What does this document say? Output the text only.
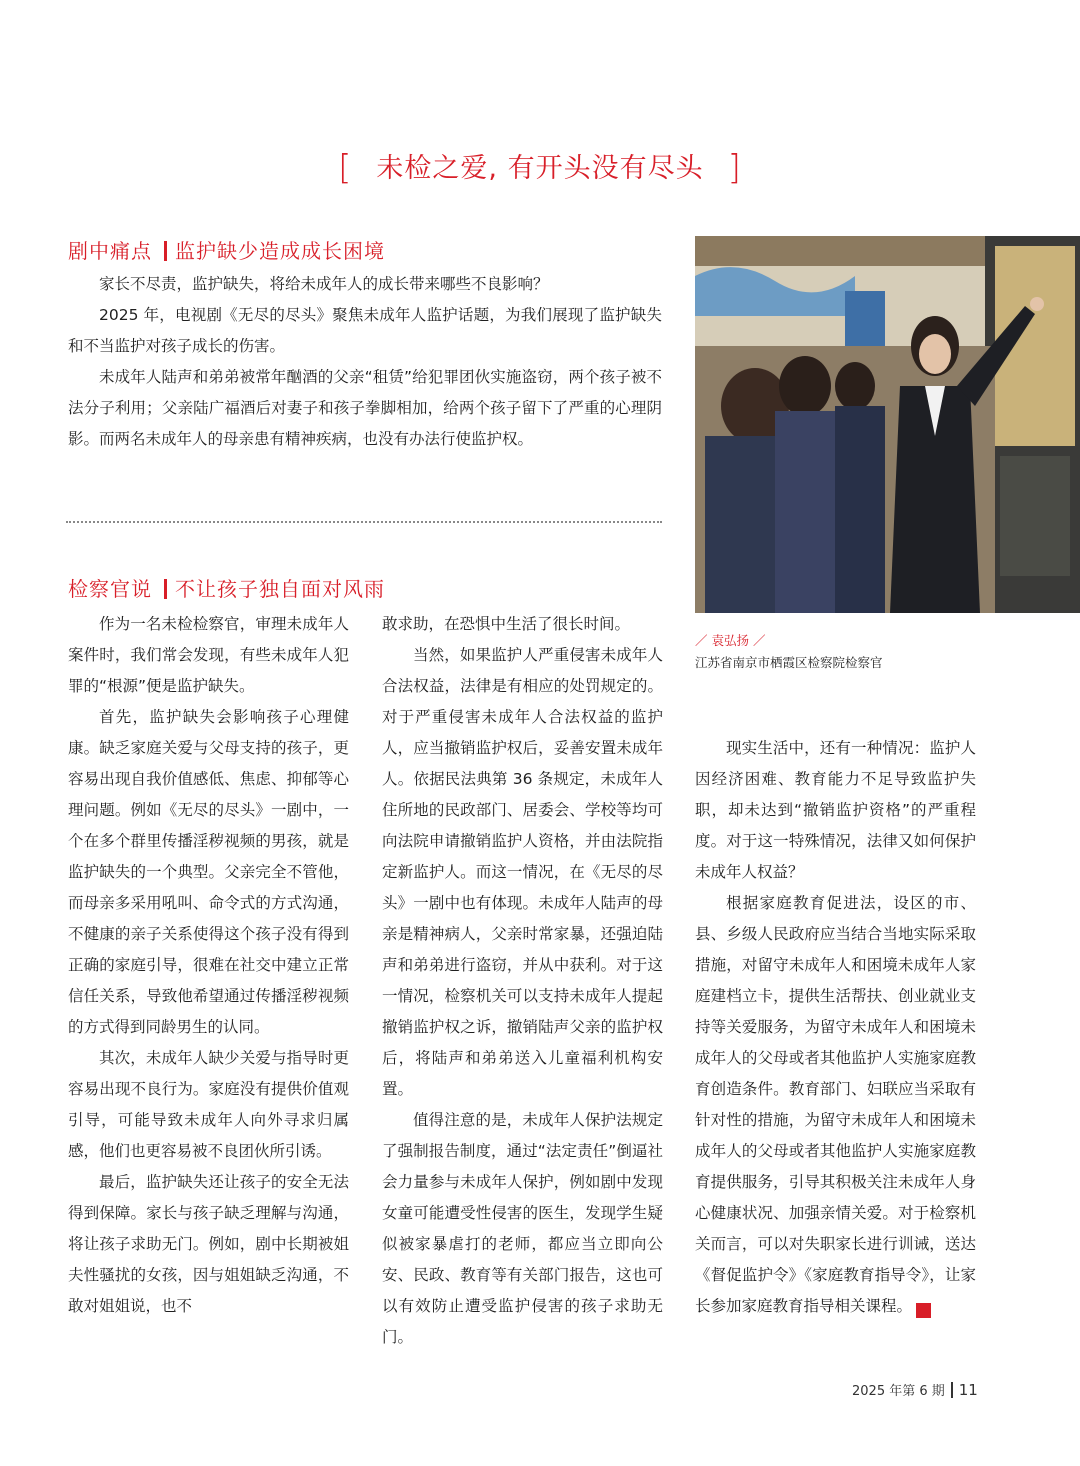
[ 未检之爱, 有开头没有尽头 ]
剧中痛点 监护缺少造成成长困境

家长不尽责，监护缺失，将给未成年人的成长带来哪些不良影响？

2025 年，电视剧《无尽的尽头》聚焦未成年人监护话题，为我们展现了监护缺失和不当监护对孩子成长的伤害。

未成年人陆声和弟弟被常年酗酒的父亲“租赁”给犯罪团伙实施盗窃，两个孩子被不法分子利用；父亲陆广福酒后对妻子和孩子拳脚相加，给两个孩子留下了严重的心理阴影。而两名未成年人的母亲患有精神疾病，也没有办法行使监护权。

／ 袁弘扬 ／
江苏省南京市栖霞区检察院检察官
检察官说 不让孩子独自面对风雨

作为一名未检检察官，审理未成年人案件时，我们常会发现，有些未成年人犯罪的“根源”便是监护缺失。

首先，监护缺失会影响孩子心理健康。缺乏家庭关爱与父母支持的孩子，更容易出现自我价值感低、焦虑、抑郁等心理问题。例如《无尽的尽头》一剧中，一个在多个群里传播淫秽视频的男孩，就是监护缺失的一个典型。父亲完全不管他，而母亲多采用吼叫、命令式的方式沟通，不健康的亲子关系使得这个孩子没有得到正确的家庭引导，很难在社交中建立正常信任关系，导致他希望通过传播淫秽视频的方式得到同龄男生的认同。

其次，未成年人缺少关爱与指导时更容易出现不良行为。家庭没有提供价值观引导，可能导致未成年人向外寻求归属感，他们也更容易被不良团伙所引诱。

最后，监护缺失还让孩子的安全无法得到保障。家长与孩子缺乏理解与沟通，将让孩子求助无门。例如，剧中长期被姐夫性骚扰的女孩，因与姐姐缺乏沟通，不敢对姐姐说，也不

敢求助，在恐惧中生活了很长时间。

当然，如果监护人严重侵害未成年人合法权益，法律是有相应的处罚规定的。对于严重侵害未成年人合法权益的监护人，应当撤销监护权后，妥善安置未成年人。依据民法典第 36 条规定，未成年人住所地的民政部门、居委会、学校等均可向法院申请撤销监护人资格，并由法院指定新监护人。而这一情况，在《无尽的尽头》一剧中也有体现。未成年人陆声的母亲是精神病人，父亲时常家暴，还强迫陆声和弟弟进行盗窃，并从中获利。对于这一情况，检察机关可以支持未成年人提起撤销监护权之诉，撤销陆声父亲的监护权后，将陆声和弟弟送入儿童福利机构安置。

值得注意的是，未成年人保护法规定了强制报告制度，通过“法定责任”倒逼社会力量参与未成年人保护，例如剧中发现女童可能遭受性侵害的医生，发现学生疑似被家暴虐打的老师，都应当立即向公安、民政、教育等有关部门报告，这也可以有效防止遭受监护侵害的孩子求助无门。

现实生活中，还有一种情况：监护人因经济困难、教育能力不足导致监护失职，却未达到“撤销监护资格”的严重程度。对于这一特殊情况，法律又如何保护未成年人权益？

根据家庭教育促进法，设区的市、县、乡级人民政府应当结合当地实际采取措施，对留守未成年人和困境未成年人家庭建档立卡，提供生活帮扶、创业就业支持等关爱服务，为留守未成年人和困境未成年人的父母或者其他监护人实施家庭教育创造条件。教育部门、妇联应当采取有针对性的措施，为留守未成年人和困境未成年人的父母或者其他监护人实施家庭教育提供服务，引导其积极关注未成年人身心健康状况、加强亲情关爱。对于检察机关而言，可以对失职家长进行训诫，送达《督促监护令》《家庭教育指导令》，让家长参加家庭教育指导相关课程。	fz

2025 年第 6 期 11
